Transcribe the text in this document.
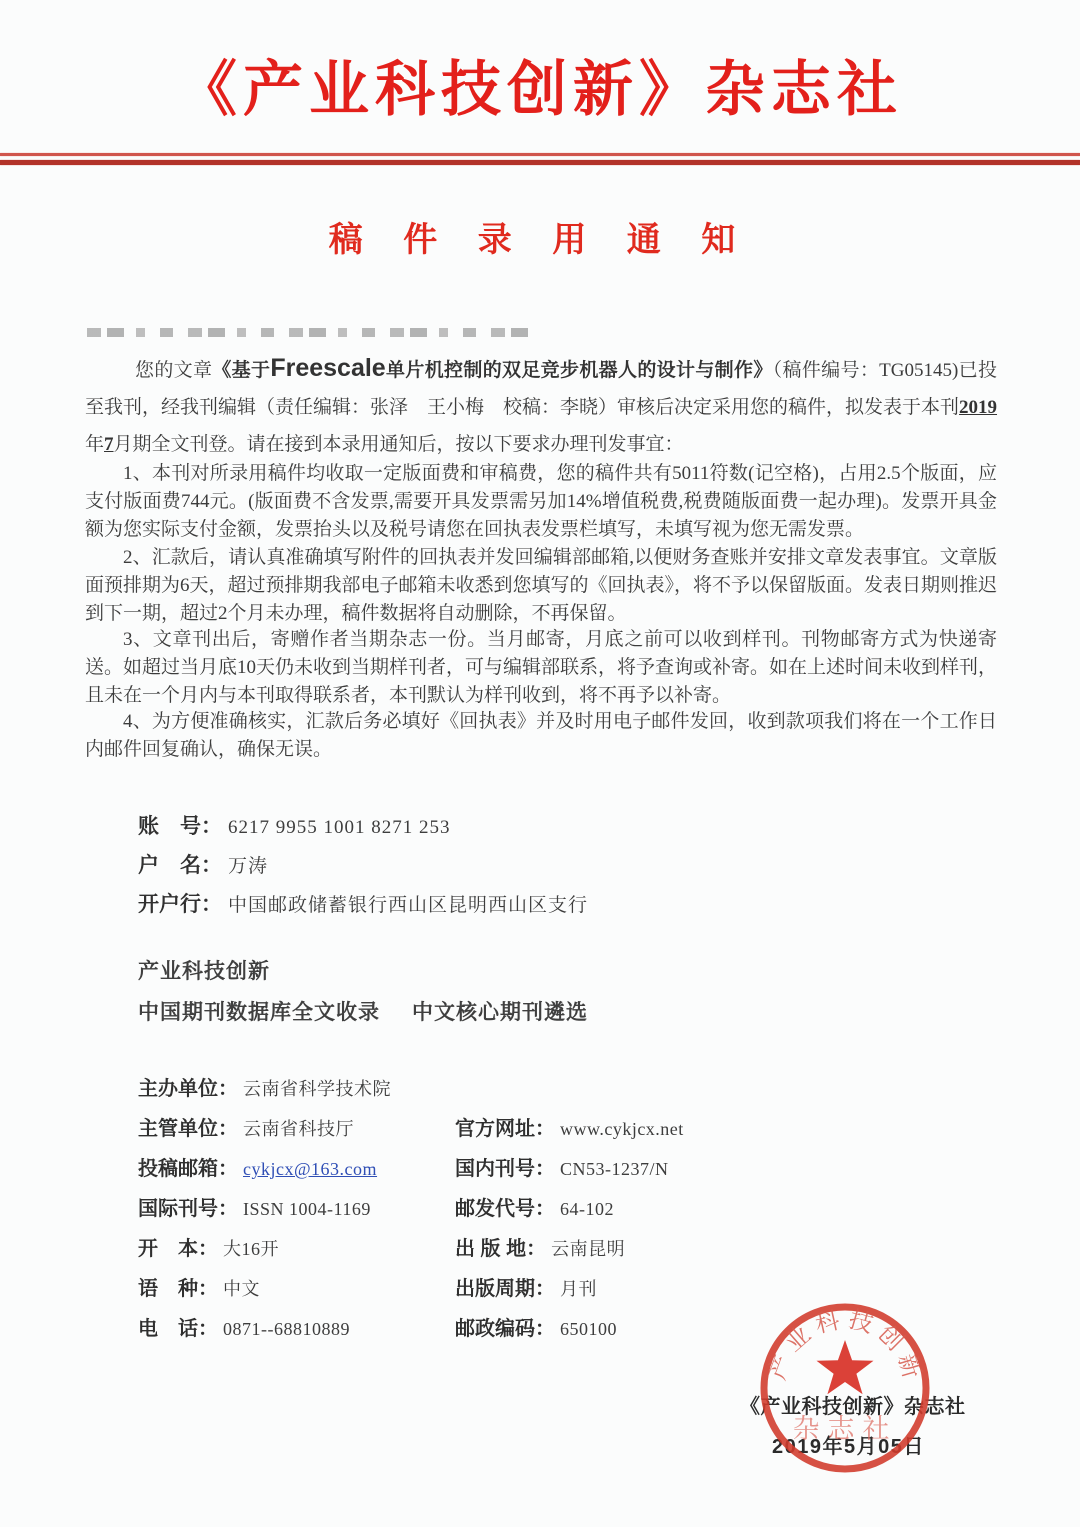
《产业科技创新》杂志社
稿 件 录 用 通 知

您的文章《基于Freescale单片机控制的双足竞步机器人的设计与制作》（稿件编号：TG05145)已投至我刊，经我刊编辑（责任编辑：张泽　王小梅　校稿：李晓）审核后决定采用您的稿件，拟发表于本刊2019年7月期全文刊登。请在接到本录用通知后，按以下要求办理刊发事宜：

1、本刊对所录用稿件均收取一定版面费和审稿费，您的稿件共有5011符数(记空格)，占用2.5个版面，应支付版面费744元。(版面费不含发票,需要开具发票需另加14%增值税费,税费随版面费一起办理)。发票开具金额为您实际支付金额，发票抬头以及税号请您在回执表发票栏填写，未填写视为您无需发票。

2、汇款后，请认真准确填写附件的回执表并发回编辑部邮箱,以便财务查账并安排文章发表事宜。文章版面预排期为6天，超过预排期我部电子邮箱未收悉到您填写的《回执表》，将不予以保留版面。发表日期则推迟到下一期，超过2个月未办理，稿件数据将自动删除，不再保留。

3、文章刊出后，寄赠作者当期杂志一份。当月邮寄，月底之前可以收到样刊。刊物邮寄方式为快递寄送。如超过当月底10天仍未收到当期样刊者，可与编辑部联系，将予查询或补寄。如在上述时间未收到样刊，且未在一个月内与本刊取得联系者，本刊默认为样刊收到，将不再予以补寄。

4、为方便准确核实，汇款后务必填好《回执表》并及时用电子邮件发回，收到款项我们将在一个工作日内邮件回复确认，确保无误。

账　号： 6217 9955 1001 8271 253
户　名： 万涛
开户行： 中国邮政储蓄银行西山区昆明西山区支行
产业科技创新
中国期刊数据库全文收录 中文核心期刊遴选
主办单位： 云南省科学技术院
主管单位： 云南省科技厅	官方网址： www.cykjcx.net
投稿邮箱： cykjcx@163.com	国内刊号： CN53-1237/N
国际刊号： ISSN 1004-1169	邮发代号： 64-102
开　本： 大16开	出 版 地： 云南昆明
语　种： 中文	出版周期： 月刊
电　话： 0871--68810889	邮政编码： 650100
《产业科技创新》杂志社
2019年5月05日
产业科技创新
杂志社
